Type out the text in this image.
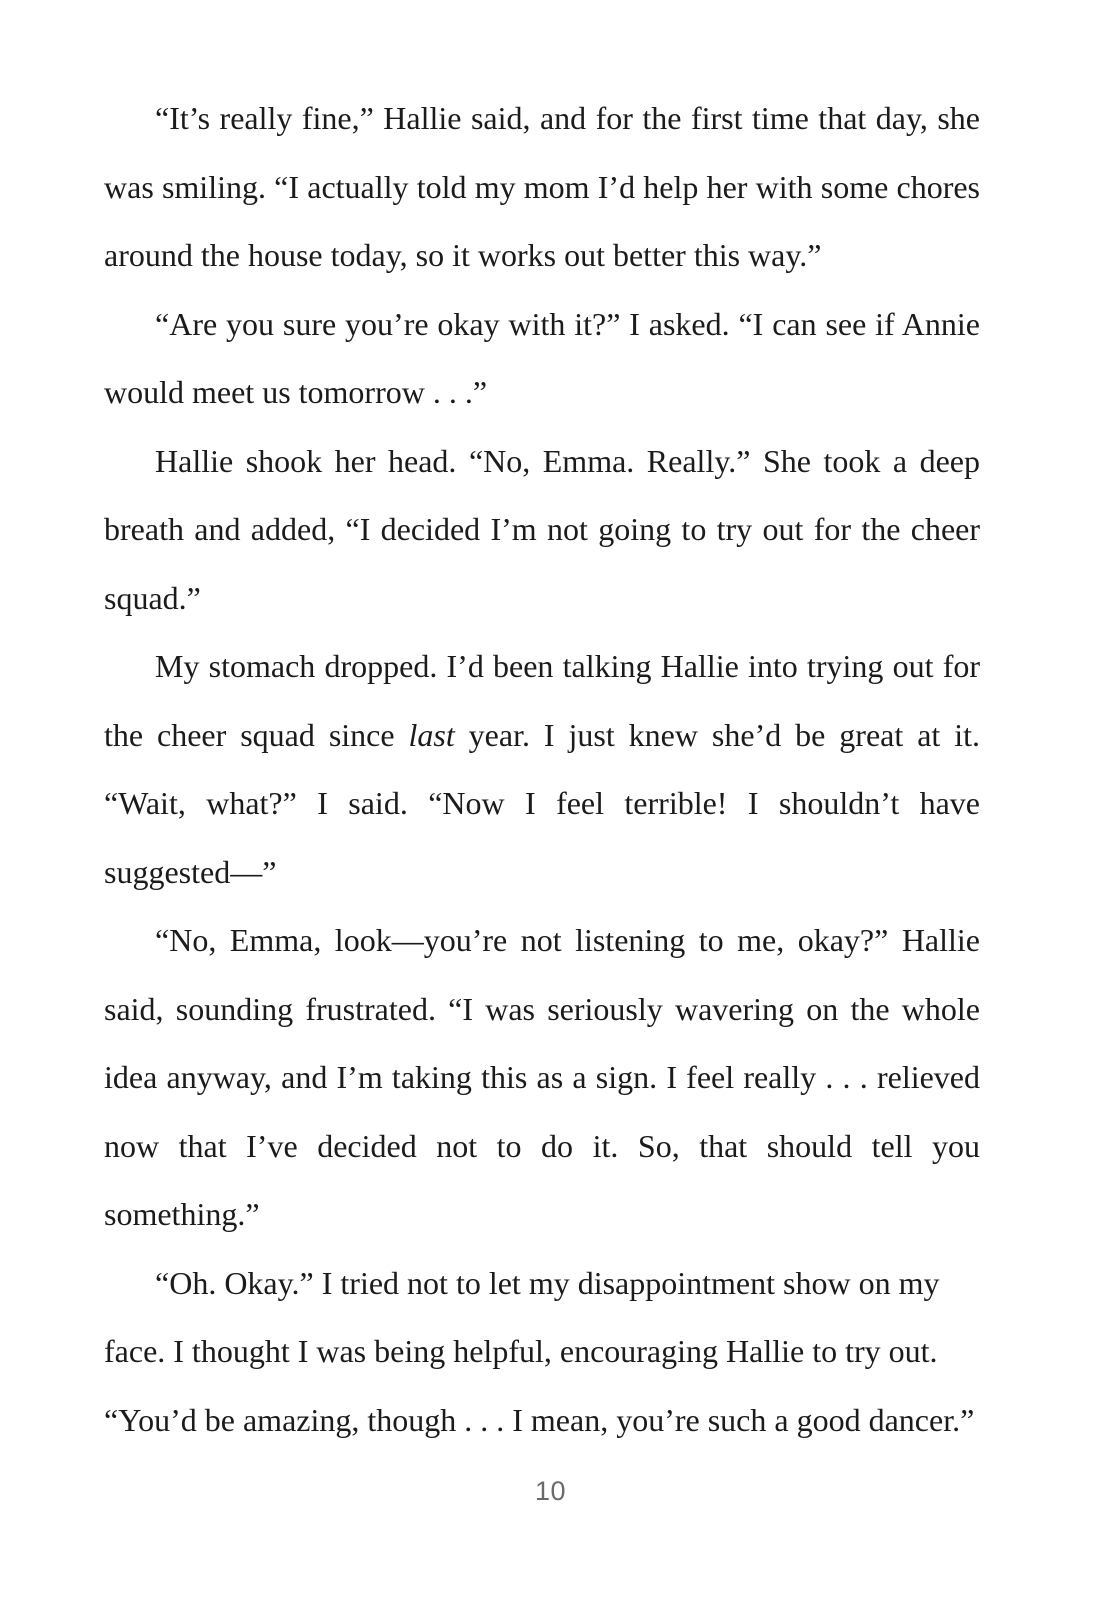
“It’s really fine,” Hallie said, and for the first time that day, she was smiling. “I actually told my mom I’d help her with some chores around the house today, so it works out better this way.”

“Are you sure you’re okay with it?” I asked. “I can see if Annie would meet us tomorrow . . .”

Hallie shook her head. “No, Emma. Really.” She took a deep breath and added, “I decided I’m not going to try out for the cheer squad.”

My stomach dropped. I’d been talking Hallie into trying out for the cheer squad since last year. I just knew she’d be great at it. “Wait, what?” I said. “Now I feel terrible! I shouldn’t have suggested—”

“No, Emma, look—you’re not listening to me, okay?” Hallie said, sounding frustrated. “I was seriously wavering on the whole idea anyway, and I’m taking this as a sign. I feel really . . . relieved now that I’ve decided not to do it. So, that should tell you something.”

“Oh. Okay.” I tried not to let my disappointment show on my face. I thought I was being helpful, encouraging Hallie to try out. “You’d be amazing, though . . . I mean, you’re such a good dancer.”

10
